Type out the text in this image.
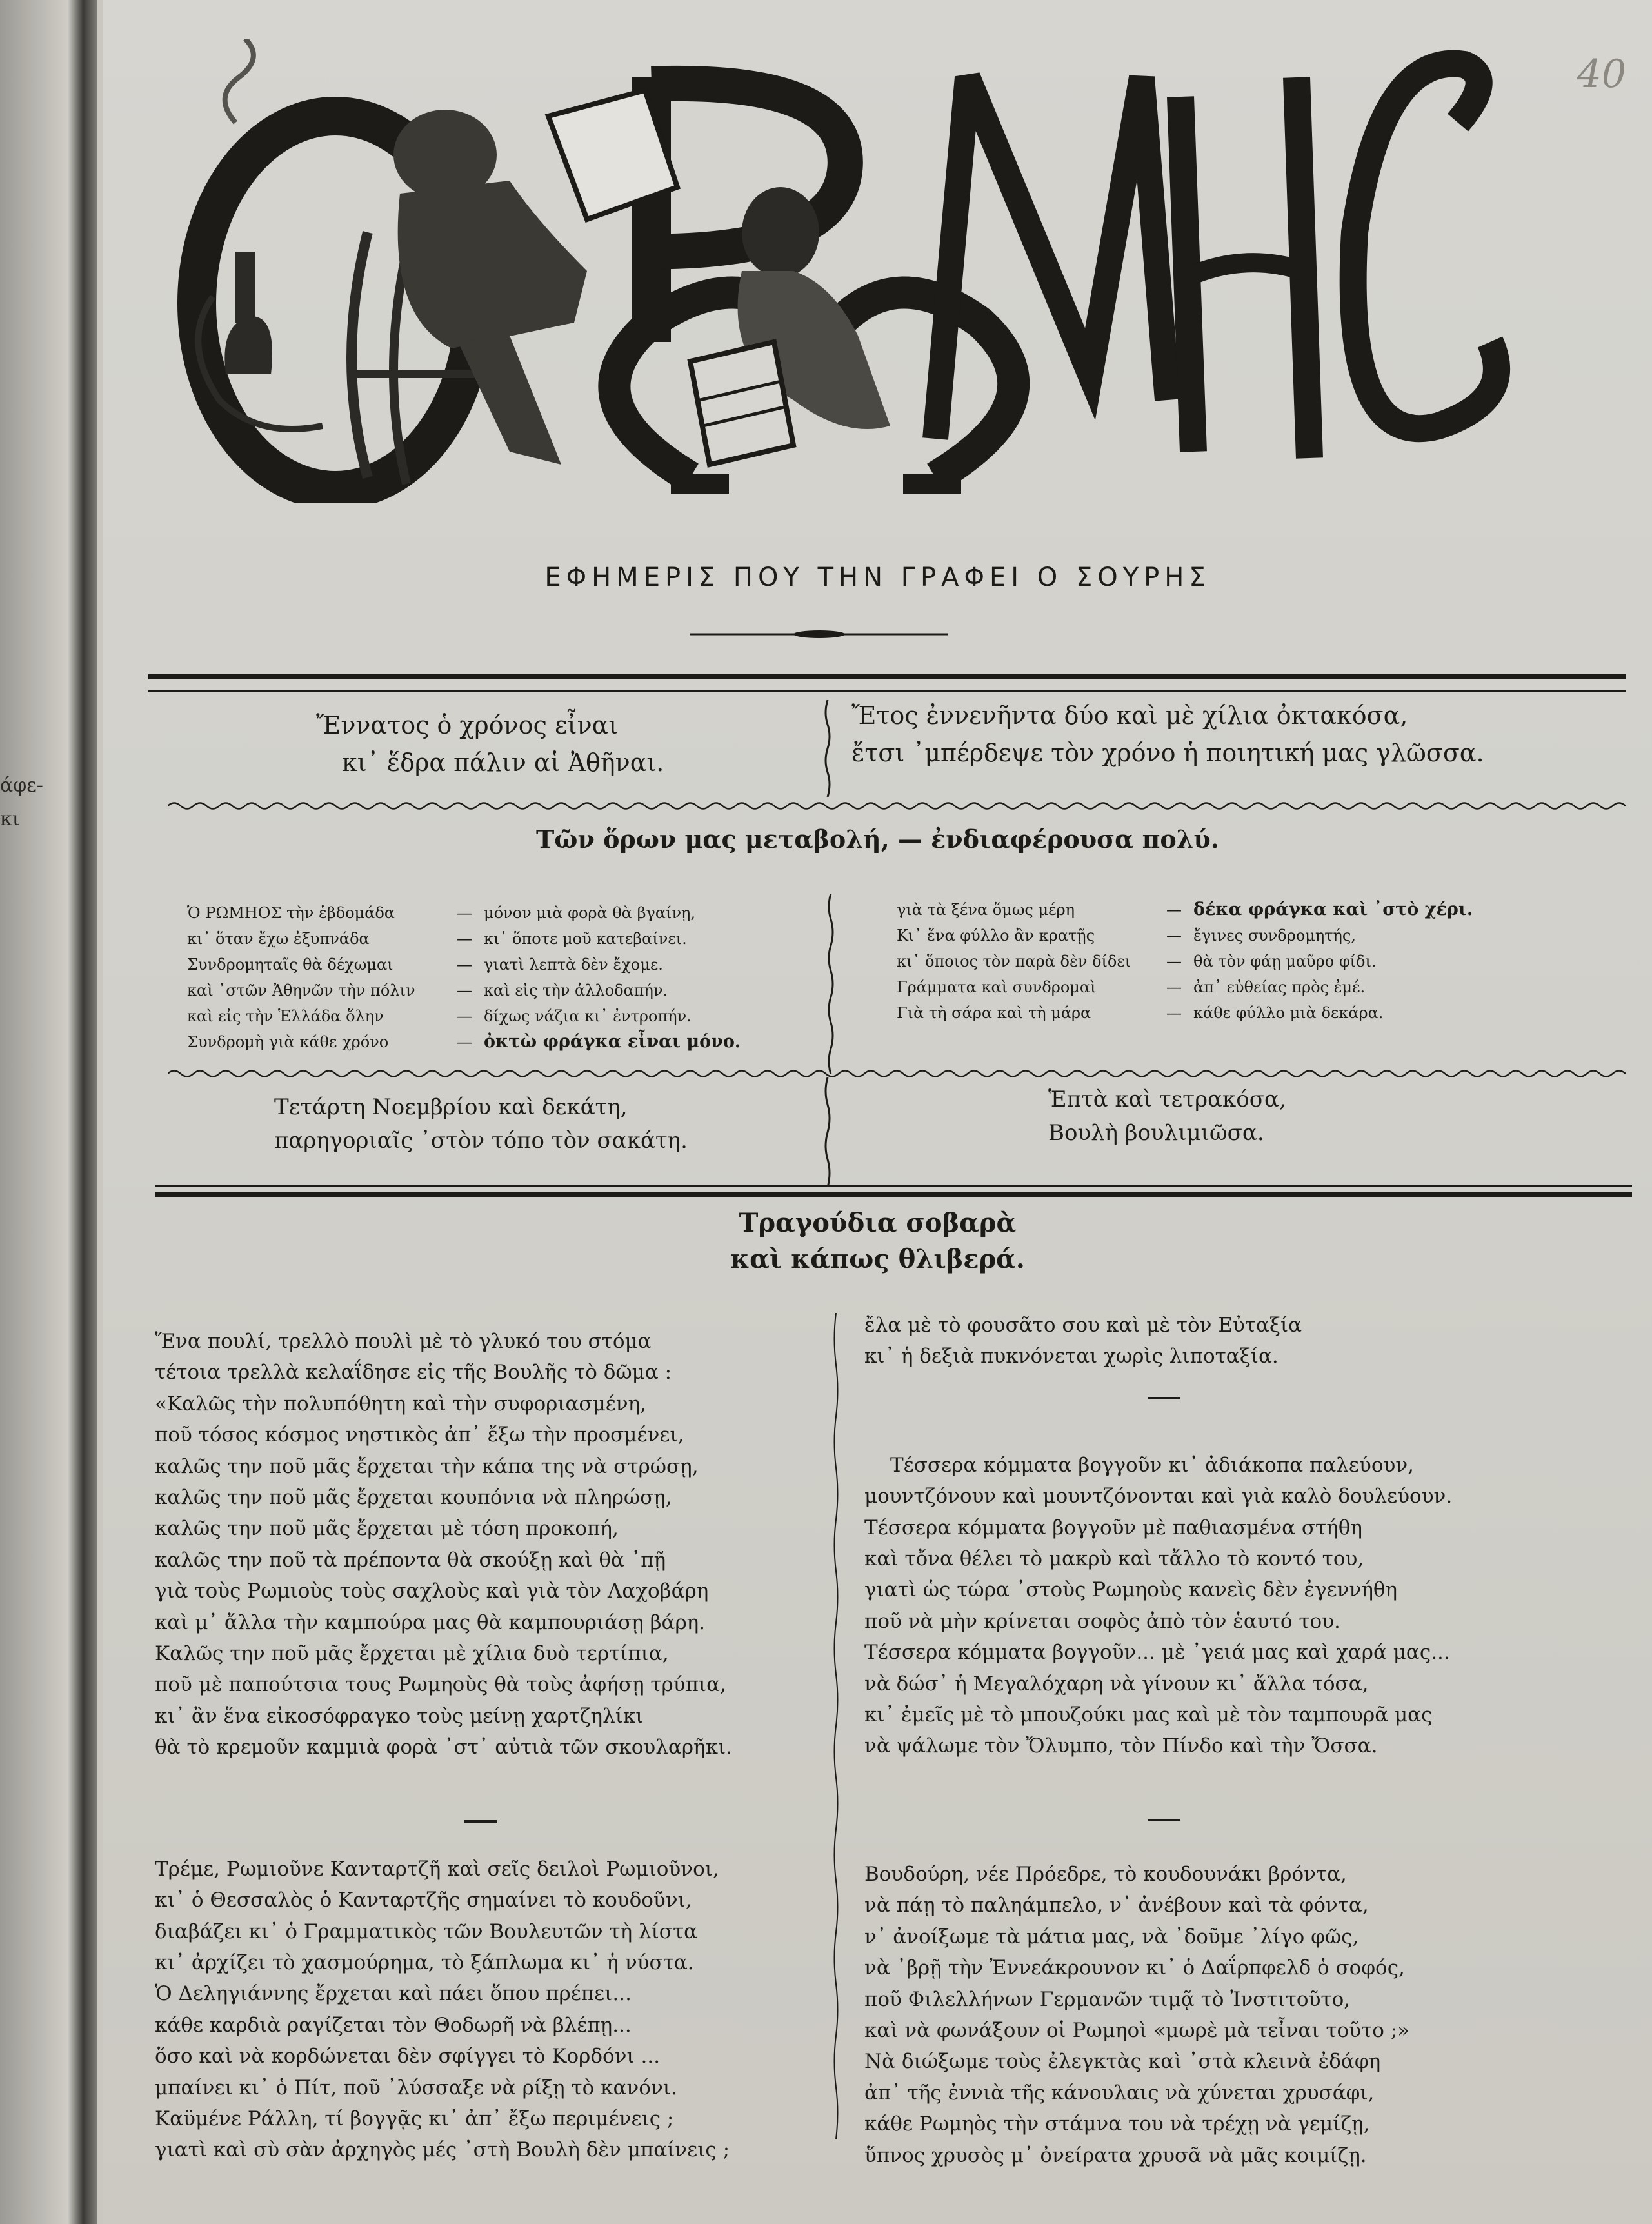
άφε-
κι
40
ΕΦΗΜΕΡΙΣ ΠΟΥ ΤΗΝ ΓΡΑΦΕΙ Ο ΣΟΥΡΗΣ
Ἔννατος ὁ χρόνος εἶναι
κι᾽ ἕδρα πάλιν αἱ Ἀθῆναι.
Ἔτος ἐννενῆντα δύο καὶ μὲ χίλια ὀκτακόσα,
ἔτσι ᾽μπέρδεψε τὸν χρόνο ἡ ποιητική μας γλῶσσα.
Τῶν ὅρων μας μεταβολή, — ἐνδιαφέρουσα πολύ.
Ὁ ΡΩΜΗΟΣ τὴν ἑβδομάδα	— μόνον μιὰ φορὰ θὰ βγαίνῃ,
κι᾽ ὅταν ἔχω ἐξυπνάδα	— κι᾽ ὅποτε μοῦ κατεβαίνει.
Συνδρομηταῖς θὰ δέχωμαι	— γιατὶ λεπτὰ δὲν ἔχομε.
καὶ ᾽στῶν Ἀθηνῶν τὴν πόλιν	— καὶ εἰς τὴν ἀλλοδαπήν.
καὶ εἰς τὴν Ἑλλάδα ὅλην	— δίχως νάζια κι᾽ ἐντροπήν.
Συνδρομὴ γιὰ κάθε χρόνο	— ὀκτὼ φράγκα εἶναι μόνο.
γιὰ τὰ ξένα ὅμως μέρη	— δέκα φράγκα καὶ ᾽στὸ χέρι.
Κι᾽ ἕνα φύλλο ἂν κρατῇς	— ἔγινες συνδρομητής,
κι᾽ ὅποιος τὸν παρὰ δὲν δίδει — θὰ τὸν φάῃ μαῦρο φίδι.
Γράμματα καὶ συνδρομαὶ	— ἀπ᾽ εὐθείας πρὸς ἐμέ.
Γιὰ τὴ σάρα καὶ τὴ μάρα	— κάθε φύλλο μιὰ δεκάρα.
Τετάρτη Νοεμβρίου καὶ δεκάτη,
παρηγοριαῖς ᾽στὸν τόπο τὸν σακάτη.
Ἑπτὰ καὶ τετρακόσα,
Βουλὴ βουλιμιῶσα.
Τραγούδια σοβαρὰ
καὶ κάπως θλιβερά.
Ἕνα πουλί, τρελλὸ πουλὶ μὲ τὸ γλυκό του στόμα
τέτοια τρελλὰ κελαΐδησε εἰς τῆς Βουλῆς τὸ δῶμα :
«Καλῶς τὴν πολυπόθητη καὶ τὴν συφοριασμένη,
ποῦ τόσος κόσμος νηστικὸς ἀπ᾽ ἔξω τὴν προσμένει,
καλῶς την ποῦ μᾶς ἔρχεται τὴν κάπα της νὰ στρώσῃ,
καλῶς την ποῦ μᾶς ἔρχεται κουπόνια νὰ πληρώσῃ,
καλῶς την ποῦ μᾶς ἔρχεται μὲ τόση προκοπή,
καλῶς την ποῦ τὰ πρέποντα θὰ σκούξῃ καὶ θὰ ᾽πῇ
γιὰ τοὺς Ρωμιοὺς τοὺς σαχλοὺς καὶ γιὰ τὸν Λαχοβάρη
καὶ μ᾽ ἄλλα τὴν καμπούρα μας θὰ καμπουριάσῃ βάρη.
Καλῶς την ποῦ μᾶς ἔρχεται μὲ χίλια δυὸ τερτίπια,
ποῦ μὲ παπούτσια τους Ρωμηοὺς θὰ τοὺς ἀφήσῃ τρύπια,
κι᾽ ἂν ἕνα εἰκοσόφραγκο τοὺς μείνῃ χαρτζηλίκι
θὰ τὸ κρεμοῦν καμμιὰ φορὰ ᾽στ᾽ αὐτιὰ τῶν σκουλαρῆκι.
Τρέμε, Ρωμιοῦνε Κανταρτζῆ καὶ σεῖς δειλοὶ Ρωμιοῦνοι,
κι᾽ ὁ Θεσσαλὸς ὁ Κανταρτζῆς σημαίνει τὸ κουδοῦνι,
διαβάζει κι᾽ ὁ Γραμματικὸς τῶν Βουλευτῶν τὴ λίστα
κι᾽ ἀρχίζει τὸ χασμούρημα, τὸ ξάπλωμα κι᾽ ἡ νύστα.
Ὁ Δεληγιάννης ἔρχεται καὶ πάει ὅπου πρέπει...
κάθε καρδιὰ ραγίζεται τὸν Θοδωρῆ νὰ βλέπῃ...
ὅσο καὶ νὰ κορδώνεται δὲν σφίγγει τὸ Κορδόνι ...
μπαίνει κι᾽ ὁ Πίτ, ποῦ ᾽λύσσαξε νὰ ρίξῃ τὸ κανόνι.
Καϋμένε Ράλλη, τί βογγᾷς κι᾽ ἀπ᾽ ἔξω περιμένεις ;
γιατὶ καὶ σὺ σὰν ἀρχηγὸς μές ᾽στὴ Βουλὴ δὲν μπαίνεις ;
ἔλα μὲ τὸ φουσᾶτο σου καὶ μὲ τὸν Εὐταξία
κι᾽ ἡ δεξιὰ πυκνόνεται χωρὶς λιποταξία.
Τέσσερα κόμματα βογγοῦν κι᾽ ἀδιάκοπα παλεύουν,
μουντζόνουν καὶ μουντζόνονται καὶ γιὰ καλὸ δουλεύουν.
Τέσσερα κόμματα βογγοῦν μὲ παθιασμένα στήθη
καὶ τὄνα θέλει τὸ μακρὺ καὶ τἄλλο τὸ κοντό του,
γιατὶ ὡς τώρα ᾽στοὺς Ρωμηοὺς κανεὶς δὲν ἐγεννήθη
ποῦ νὰ μὴν κρίνεται σοφὸς ἀπὸ τὸν ἑαυτό του.
Τέσσερα κόμματα βογγοῦν... μὲ ᾽γειά μας καὶ χαρά μας...
νὰ δώσ᾽ ἡ Μεγαλόχαρη νὰ γίνουν κι᾽ ἄλλα τόσα,
κι᾽ ἐμεῖς μὲ τὸ μπουζούκι μας καὶ μὲ τὸν ταμπουρᾶ μας
νὰ ψάλωμε τὸν Ὄλυμπο, τὸν Πίνδο καὶ τὴν Ὄσσα.
Βουδούρη, νέε Πρόεδρε, τὸ κουδουνάκι βρόντα,
νὰ πάῃ τὸ παληάμπελο, ν᾽ ἀνέβουν καὶ τὰ φόντα,
ν᾽ ἀνοίξωμε τὰ μάτια μας, νὰ ᾽δοῦμε ᾽λίγο φῶς,
νὰ ᾽βρῇ τὴν Ἐννεάκρουνον κι᾽ ὁ Δαΐρπφελδ ὁ σοφός,
ποῦ Φιλελλήνων Γερμανῶν τιμᾷ τὸ Ἰνστιτοῦτο,
καὶ νὰ φωνάξουν οἱ Ρωμηοὶ «μωρὲ μὰ τεἶναι τοῦτο ;»
Νὰ διώξωμε τοὺς ἐλεγκτὰς καὶ ᾽στὰ κλεινὰ ἐδάφη
ἀπ᾽ τῆς ἐννιὰ τῆς κάνουλαις νὰ χύνεται χρυσάφι,
κάθε Ρωμηὸς τὴν στάμνα του νὰ τρέχῃ νὰ γεμίζῃ,
ὕπνος χρυσὸς μ᾽ ὀνείρατα χρυσᾶ νὰ μᾶς κοιμίζῃ.
